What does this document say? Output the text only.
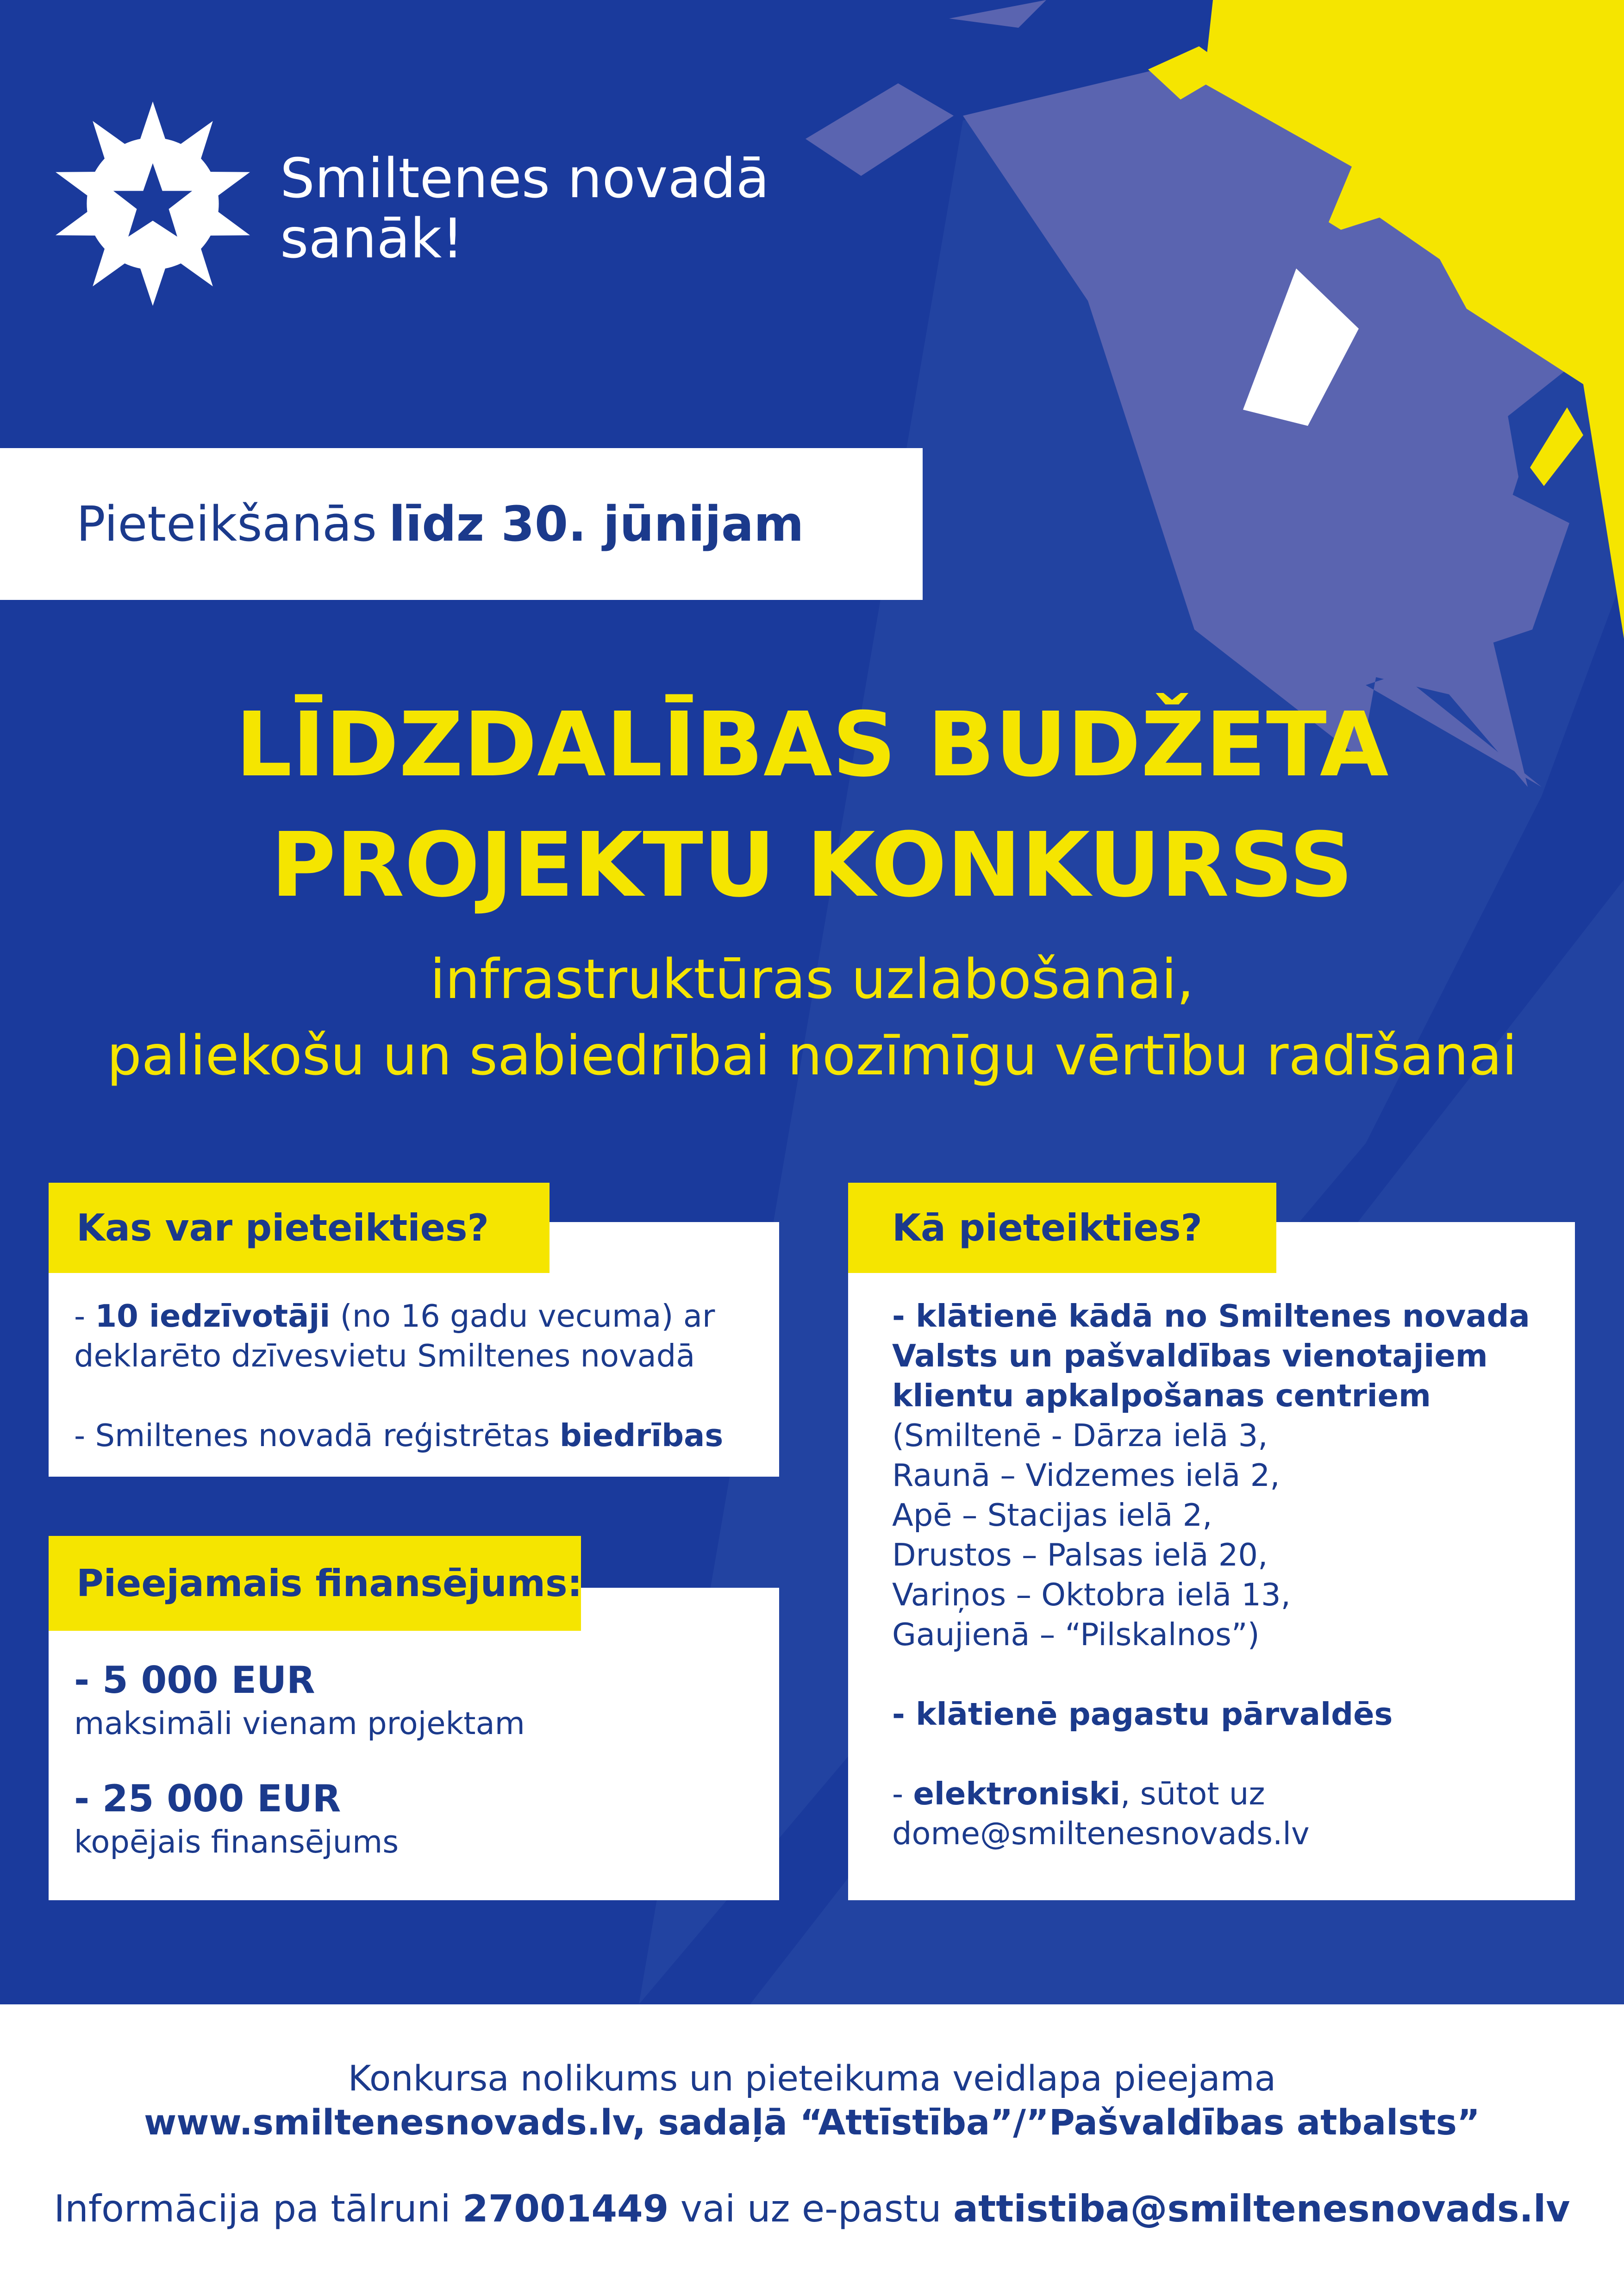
Smiltenes novadā
sanāk!
Pieteikšanās līdz 30. jūnijam
LĪDZDALĪBAS BUDŽETA
PROJEKTU KONKURSS
infrastruktūras uzlabošanai,
paliekošu un sabiedrībai nozīmīgu vērtību radīšanai

- 10 iedzīvotāji (no 16 gadu vecuma) ar

deklarēto dzīvesvietu Smiltenes novadā

- Smiltenes novadā reģistrētas biedrības

Kas var pieteikties?

- 5 000 EUR

maksimāli vienam projektam

- 25 000 EUR

kopējais finansējums

Pieejamais finansējums:

- klātienē kādā no Smiltenes novada

Valsts un pašvaldības vienotajiem

klientu apkalpošanas centriem

(Smiltenē - Dārza ielā 3,

Raunā – Vidzemes ielā 2,

Apē – Stacijas ielā 2,

Drustos – Palsas ielā 20,

Variņos – Oktobra ielā 13,

Gaujienā – “Pilskalnos”)

- klātienē pagastu pārvaldēs

- elektroniski, sūtot uz

dome@smiltenesnovads.lv

Kā pieteikties?
Konkursa nolikums un pieteikuma veidlapa pieejama
www.smiltenesnovads.lv, sadaļā “Attīstība”/”Pašvaldības atbalsts”
Informācija pa tālruni 27001449 vai uz e-pastu attistiba@smiltenesnovads.lv
